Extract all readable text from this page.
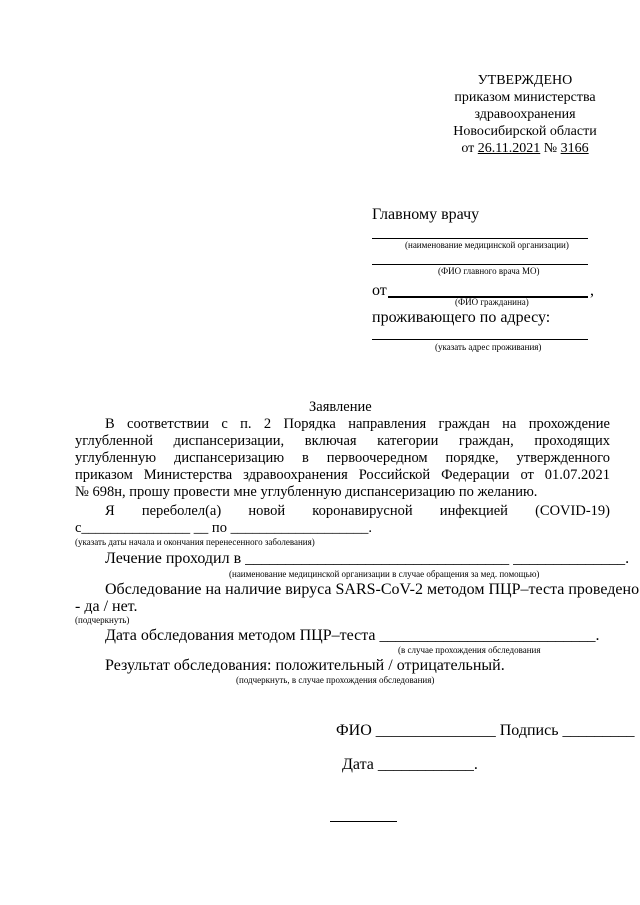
УТВЕРЖДЕНО
приказом министерства
здравоохранения
Новосибирской области
от 26.11.2021 № 3166
Главному врачу
(наименование медицинской организации)
(ФИО главного врача МО)
от	,
(ФИО гражданина)
проживающего по адресу:
(указать адрес проживания)
Заявление
В соответствии с п. 2 Порядка направления граждан на прохождение
углубленной диспансеризации, включая категории граждан, проходящих
углубленную диспансеризацию в первоочередном порядке, утвержденного
приказом Министерства здравоохранения Российской Федерации от 01.07.2021
№ 698н, прошу провести мне углубленную диспансеризацию по желанию.
Я переболел(а) новой коронавирусной инфекцией (COVID-19)
с_______________ __ по ___________________.
(указать даты начала и окончания перенесенного заболевания)
Лечение проходил в _________________________________ ______________.
(наименование медицинской организации в случае обращения за мед. помощью)
Обследование на наличие вируса SARS-CoV-2 методом ПЦР–теста проведено
- да / нет.
(подчеркнуть)
Дата обследования методом ПЦР–теста ___________________________.
(в случае прохождения обследования
Результат обследования: положительный / отрицательный.
(подчеркнуть, в случае прохождения обследования)
ФИО _______________ Подпись _________
Дата ____________.
